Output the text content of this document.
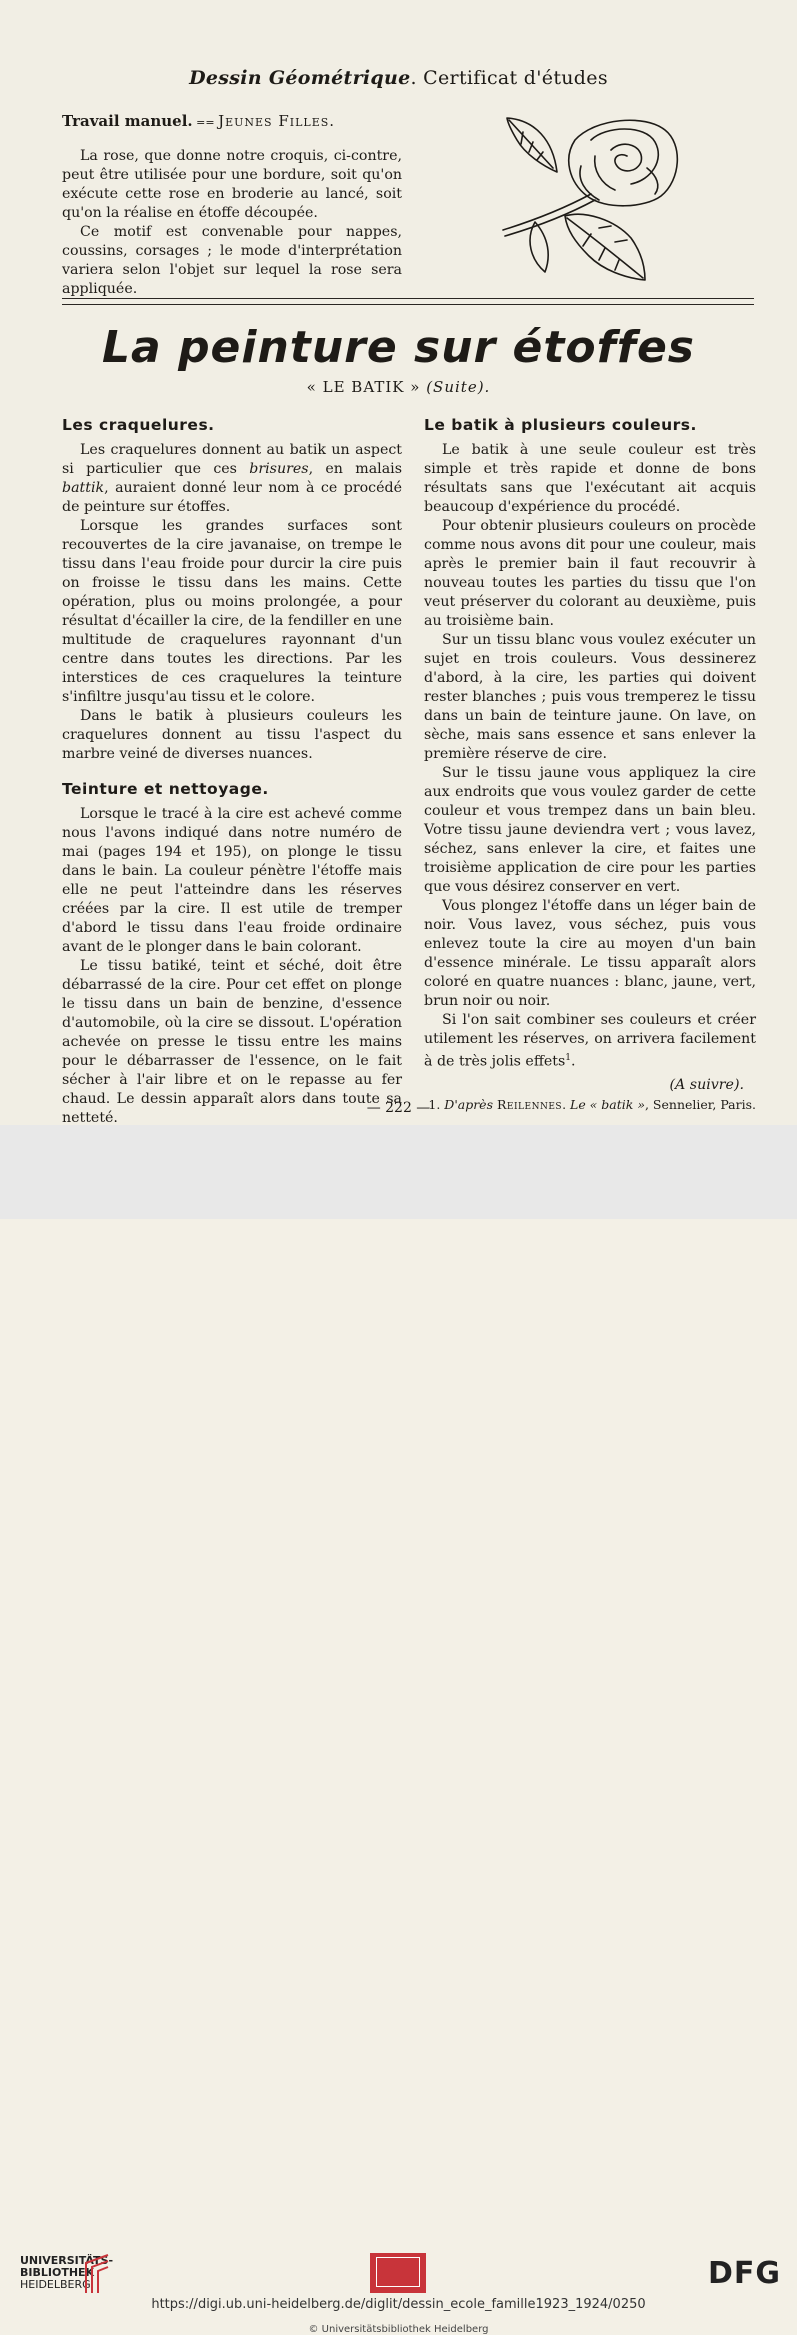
Dessin Géométrique. Certificat d'études
Travail manuel. == Jeunes Filles.

La rose, que donne notre croquis, ci-contre, peut être utilisée pour une bordure, soit qu'on exécute cette rose en broderie au lancé, soit qu'on la réalise en étoffe découpée.

Ce motif est convenable pour nappes, coussins, corsages ; le mode d'interprétation variera selon l'objet sur lequel la rose sera appliquée.

La peinture sur étoffes
« LE BATIK » (Suite).
Les craquelures.

Les craquelures donnent au batik un aspect si particulier que ces brisures, en malais battik, auraient donné leur nom à ce procédé de peinture sur étoffes.

Lorsque les grandes surfaces sont recouvertes de la cire javanaise, on trempe le tissu dans l'eau froide pour durcir la cire puis on froisse le tissu dans les mains. Cette opération, plus ou moins prolongée, a pour résultat d'écailler la cire, de la fendiller en une multitude de craquelures rayonnant d'un centre dans toutes les directions. Par les interstices de ces craquelures la teinture s'infiltre jusqu'au tissu et le colore.

Dans le batik à plusieurs couleurs les craquelures donnent au tissu l'aspect du marbre veiné de diverses nuances.

Teinture et nettoyage.

Lorsque le tracé à la cire est achevé comme nous l'avons indiqué dans notre numéro de mai (pages 194 et 195), on plonge le tissu dans le bain. La couleur pénètre l'étoffe mais elle ne peut l'atteindre dans les réserves créées par la cire. Il est utile de tremper d'abord le tissu dans l'eau froide ordinaire avant de le plonger dans le bain colorant.

Le tissu batiké, teint et séché, doit être débarrassé de la cire. Pour cet effet on plonge le tissu dans un bain de benzine, d'essence d'automobile, où la cire se dissout. L'opération achevée on presse le tissu entre les mains pour le débarrasser de l'essence, on le fait sécher à l'air libre et on le repasse au fer chaud. Le dessin apparaît alors dans toute sa netteté.

Le batik à plusieurs couleurs.

Le batik à une seule couleur est très simple et très rapide et donne de bons résultats sans que l'exécutant ait acquis beaucoup d'expérience du procédé.

Pour obtenir plusieurs couleurs on procède comme nous avons dit pour une couleur, mais après le premier bain il faut recouvrir à nouveau toutes les parties du tissu que l'on veut préserver du colorant au deuxième, puis au troisième bain.

Sur un tissu blanc vous voulez exécuter un sujet en trois couleurs. Vous dessinerez d'abord, à la cire, les parties qui doivent rester blanches ; puis vous tremperez le tissu dans un bain de teinture jaune. On lave, on sèche, mais sans essence et sans enlever la première réserve de cire.

Sur le tissu jaune vous appliquez la cire aux endroits que vous voulez garder de cette couleur et vous trempez dans un bain bleu. Votre tissu jaune deviendra vert ; vous lavez, séchez, sans enlever la cire, et faites une troisième application de cire pour les parties que vous désirez conserver en vert.

Vous plongez l'étoffe dans un léger bain de noir. Vous lavez, vous séchez, puis vous enlevez toute la cire au moyen d'un bain d'essence minérale. Le tissu apparaît alors coloré en quatre nuances : blanc, jaune, vert, brun noir ou noir.

Si l'on sait combiner ses couleurs et créer utilement les réserves, on arrivera facilement à de très jolis effets$^1$.

(A suivre).

1. D'après Reilennes. Le « batik », Sennelier, Paris.

— 222 —
UNIVERSITÄTS-
BIBLIOTHEK
HEIDELBERG	DFG
https://digi.ub.uni-heidelberg.de/diglit/dessin_ecole_famille1923_1924/0250
© Universitätsbibliothek Heidelberg
